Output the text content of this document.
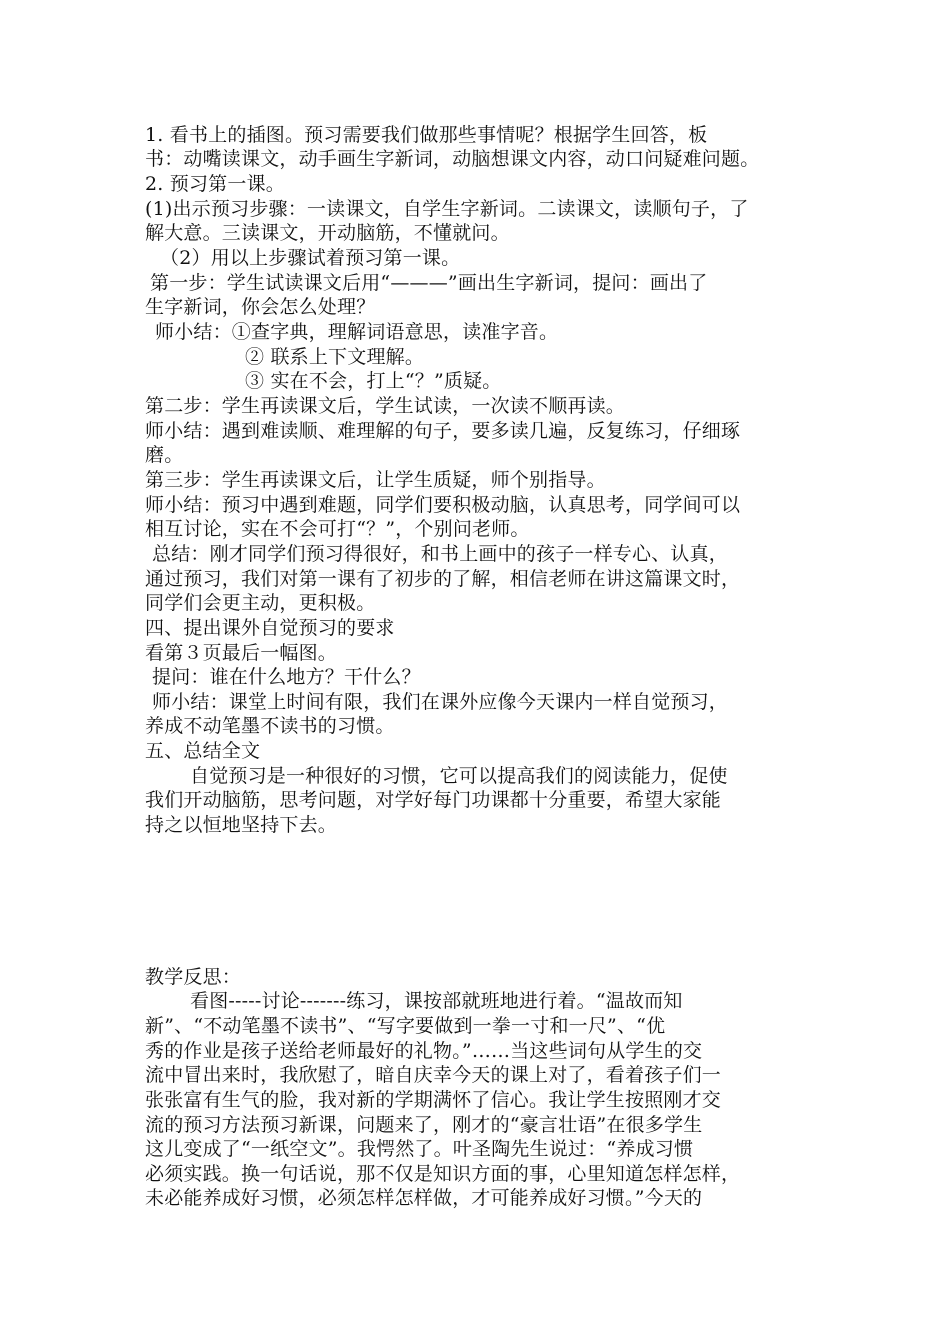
1. 看书上的插图。预习需要我们做那些事情呢？根据学生回答，板
书：动嘴读课文，动手画生字新词，动脑想课文内容，动口问疑难问题。
2. 预习第一课。
(1)出示预习步骤：一读课文，自学生字新词。二读课文，读顺句子，了
解大意。三读课文，开动脑筋，不懂就问。
（2）用以上步骤试着预习第一课。
第一步：学生试读课文后用“———”画出生字新词，提问：画出了
生字新词，你会怎么处理？
师小结：①查字典，理解词语意思，读准字音。
② 联系上下文理解。
③ 实在不会，打上“？”质疑。
第二步：学生再读课文后，学生试读，一次读不顺再读。
师小结：遇到难读顺、难理解的句子，要多读几遍，反复练习，仔细琢
磨。
第三步：学生再读课文后，让学生质疑，师个别指导。
师小结：预习中遇到难题，同学们要积极动脑，认真思考，同学间可以
相互讨论，实在不会可打“？”，个别问老师。
总结：刚才同学们预习得很好，和书上画中的孩子一样专心、认真，
通过预习，我们对第一课有了初步的了解，相信老师在讲这篇课文时，
同学们会更主动，更积极。
四、提出课外自觉预习的要求
看第３页最后一幅图。
提问：谁在什么地方？干什么？
师小结：课堂上时间有限，我们在课外应像今天课内一样自觉预习，
养成不动笔墨不读书的习惯。
五、总结全文
自觉预习是一种很好的习惯，它可以提高我们的阅读能力，促使
我们开动脑筋，思考问题，对学好每门功课都十分重要，希望大家能
持之以恒地坚持下去。
教学反思：
看图-----讨论-------练习，课按部就班地进行着。“温故而知
新”、“不动笔墨不读书”、“写字要做到一拳一寸和一尺”、“优
秀的作业是孩子送给老师最好的礼物。”……当这些词句从学生的交
流中冒出来时，我欣慰了，暗自庆幸今天的课上对了，看着孩子们一
张张富有生气的脸，我对新的学期满怀了信心。我让学生按照刚才交
流的预习方法预习新课，问题来了，刚才的“豪言壮语”在很多学生
这儿变成了“一纸空文”。我愕然了。叶圣陶先生说过：“养成习惯
必须实践。换一句话说，那不仅是知识方面的事，心里知道怎样怎样，
未必能养成好习惯，必须怎样怎样做，才可能养成好习惯。”今天的
